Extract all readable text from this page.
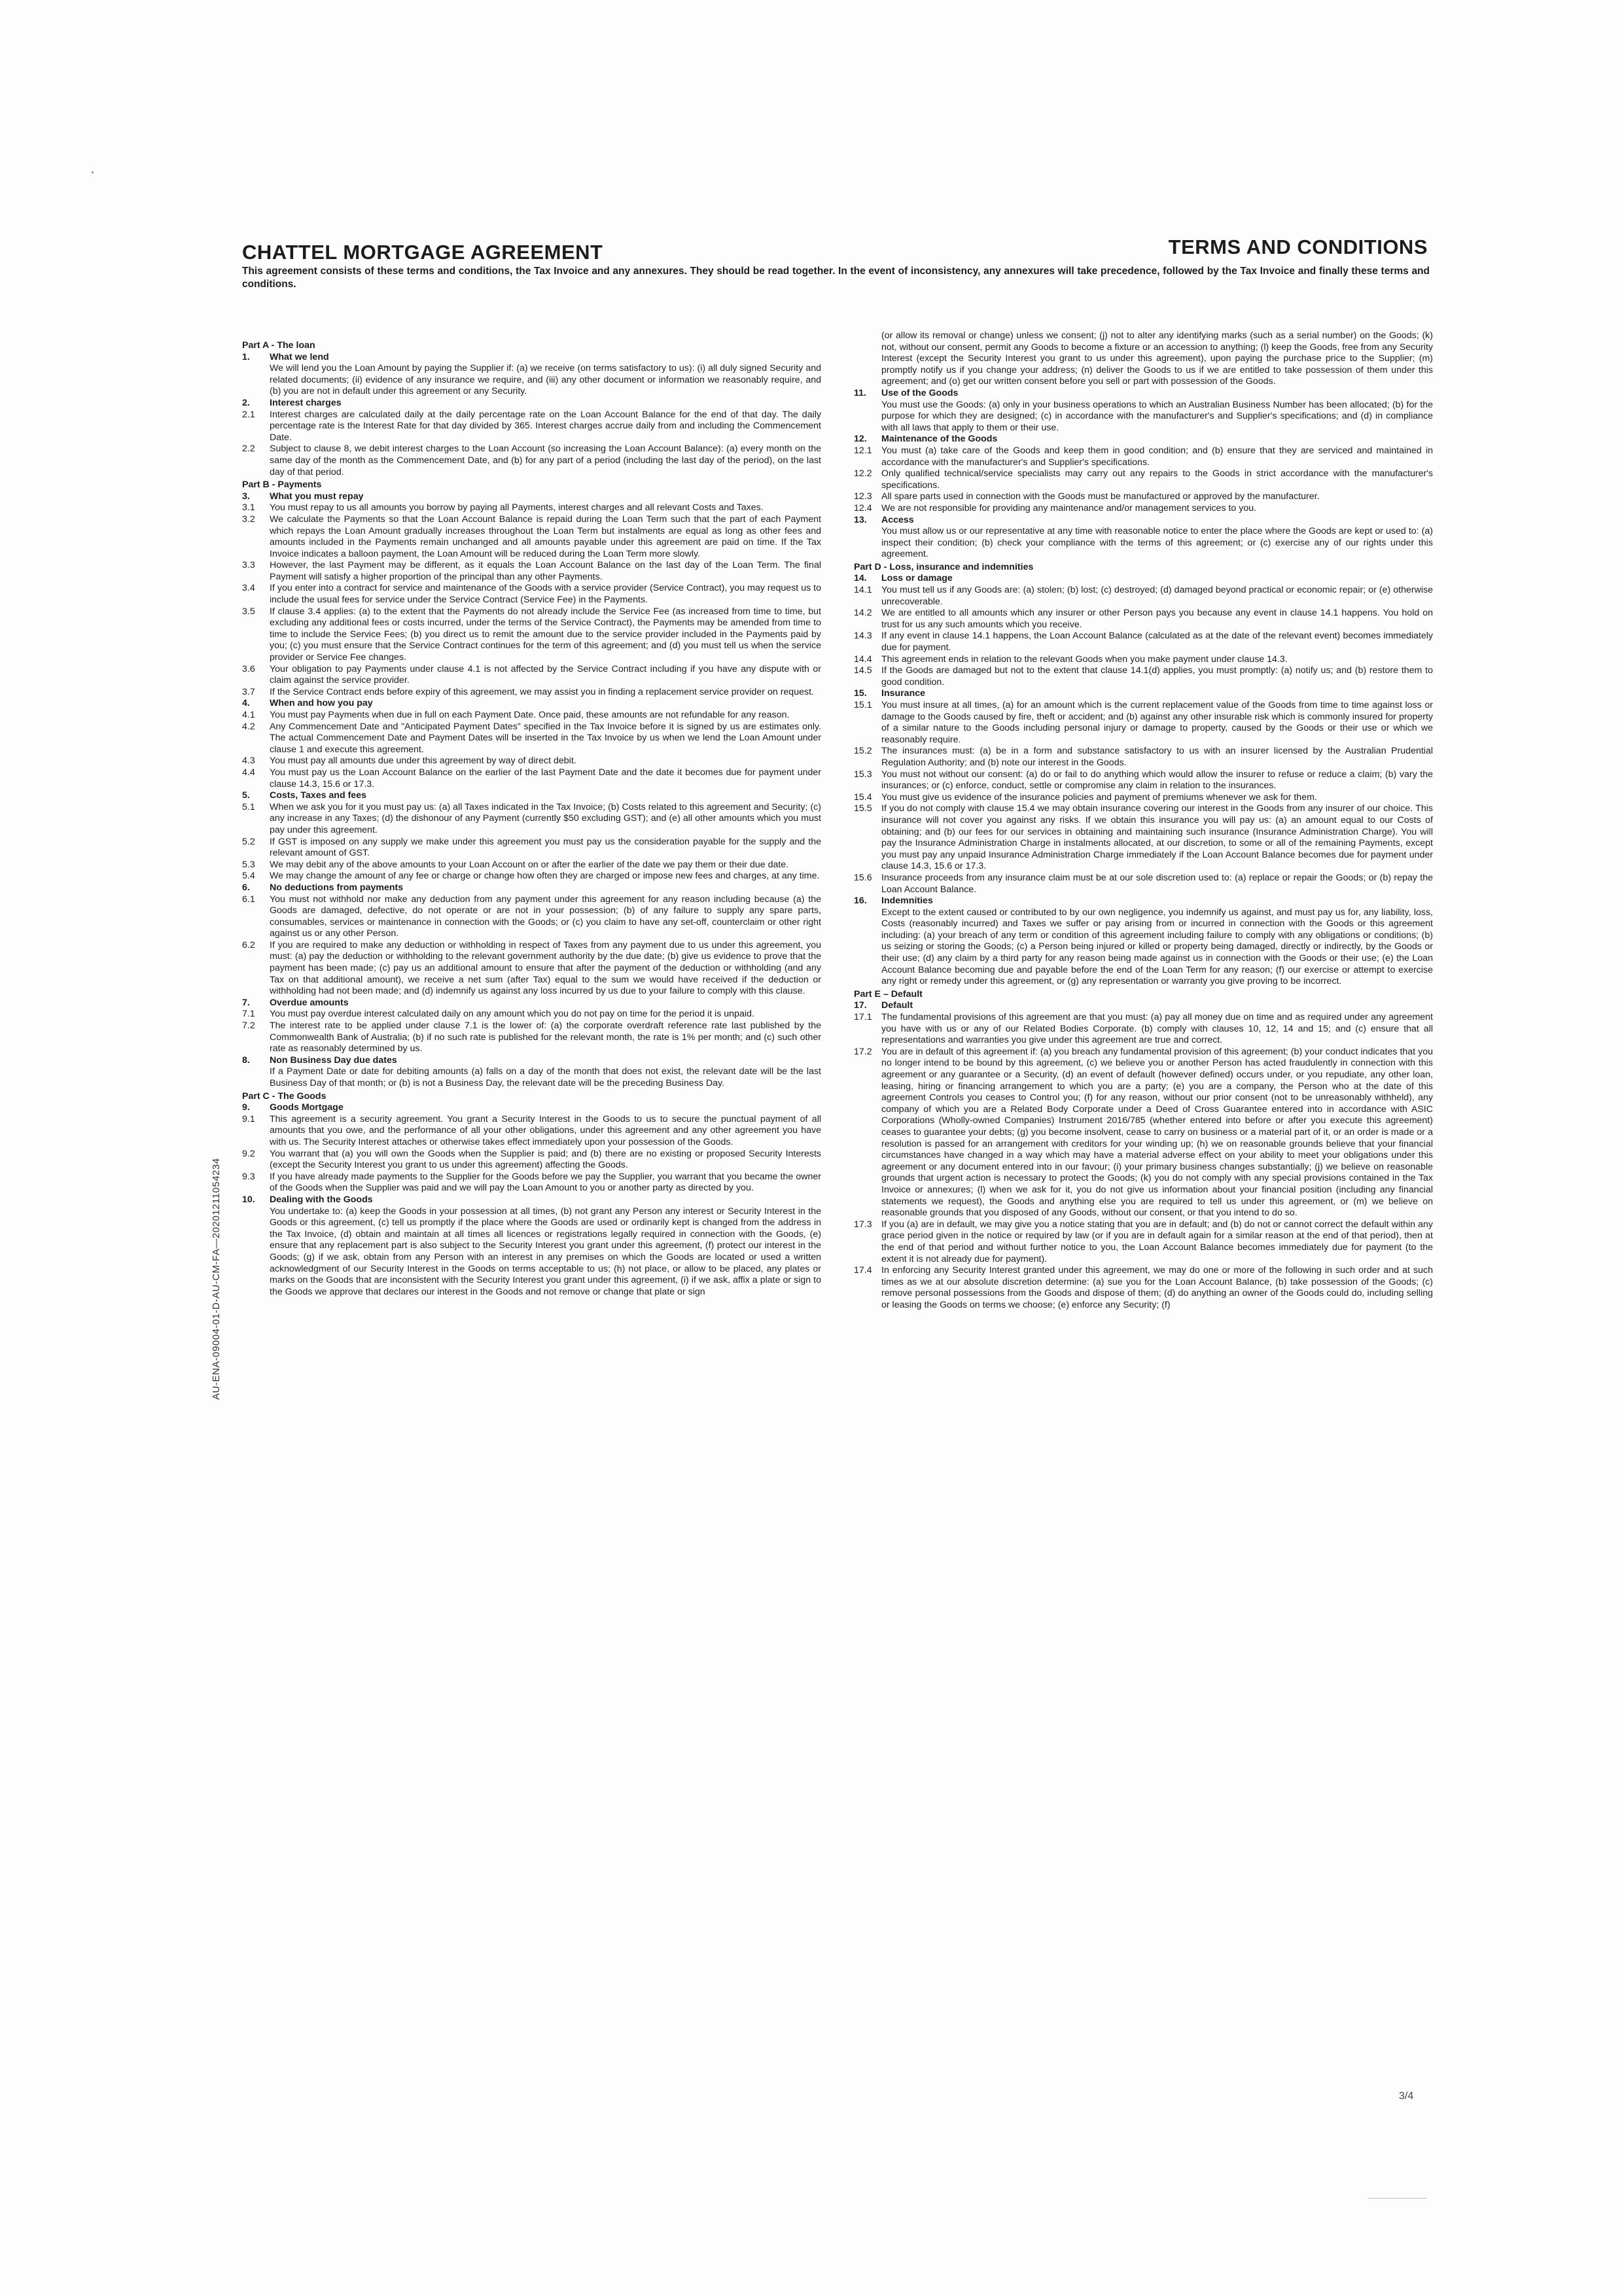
CHATTEL MORTGAGE AGREEMENT	TERMS AND CONDITIONS
This agreement consists of these terms and conditions, the Tax Invoice and any annexures. They should be read together. In the event of inconsistency, any annexures will take precedence, followed by the Tax Invoice and finally these terms and conditions.
Part A - The loan
1.	What we lend
We will lend you the Loan Amount by paying the Supplier if: (a) we receive (on terms satisfactory to us): (i) all duly signed Security and related documents; (ii) evidence of any insurance we require, and (iii) any other document or information we reasonably require, and (b) you are not in default under this agreement or any Security.
2.	Interest charges
2.1	Interest charges are calculated daily at the daily percentage rate on the Loan Account Balance for the end of that day. The daily percentage rate is the Interest Rate for that day divided by 365. Interest charges accrue daily from and including the Commencement Date.
2.2	Subject to clause 8, we debit interest charges to the Loan Account (so increasing the Loan Account Balance): (a) every month on the same day of the month as the Commencement Date, and (b) for any part of a period (including the last day of the period), on the last day of that period.
Part B - Payments
3.	What you must repay
3.1	You must repay to us all amounts you borrow by paying all Payments, interest charges and all relevant Costs and Taxes.
3.2	We calculate the Payments so that the Loan Account Balance is repaid during the Loan Term such that the part of each Payment which repays the Loan Amount gradually increases throughout the Loan Term but instalments are equal as long as other fees and amounts included in the Payments remain unchanged and all amounts payable under this agreement are paid on time. If the Tax Invoice indicates a balloon payment, the Loan Amount will be reduced during the Loan Term more slowly.
3.3	However, the last Payment may be different, as it equals the Loan Account Balance on the last day of the Loan Term. The final Payment will satisfy a higher proportion of the principal than any other Payments.
3.4	If you enter into a contract for service and maintenance of the Goods with a service provider (Service Contract), you may request us to include the usual fees for service under the Service Contract (Service Fee) in the Payments.
3.5	If clause 3.4 applies: (a) to the extent that the Payments do not already include the Service Fee (as increased from time to time, but excluding any additional fees or costs incurred, under the terms of the Service Contract), the Payments may be amended from time to time to include the Service Fees; (b) you direct us to remit the amount due to the service provider included in the Payments paid by you; (c) you must ensure that the Service Contract continues for the term of this agreement; and (d) you must tell us when the service provider or Service Fee changes.
3.6	Your obligation to pay Payments under clause 4.1 is not affected by the Service Contract including if you have any dispute with or claim against the service provider.
3.7	If the Service Contract ends before expiry of this agreement, we may assist you in finding a replacement service provider on request.
4.	When and how you pay
4.1	You must pay Payments when due in full on each Payment Date. Once paid, these amounts are not refundable for any reason.
4.2	Any Commencement Date and "Anticipated Payment Dates" specified in the Tax Invoice before it is signed by us are estimates only. The actual Commencement Date and Payment Dates will be inserted in the Tax Invoice by us when we lend the Loan Amount under clause 1 and execute this agreement.
4.3	You must pay all amounts due under this agreement by way of direct debit.
4.4	You must pay us the Loan Account Balance on the earlier of the last Payment Date and the date it becomes due for payment under clause 14.3, 15.6 or 17.3.
5.	Costs, Taxes and fees
5.1	When we ask you for it you must pay us: (a) all Taxes indicated in the Tax Invoice; (b) Costs related to this agreement and Security; (c) any increase in any Taxes; (d) the dishonour of any Payment (currently $50 excluding GST); and (e) all other amounts which you must pay under this agreement.
5.2	If GST is imposed on any supply we make under this agreement you must pay us the consideration payable for the supply and the relevant amount of GST.
5.3	We may debit any of the above amounts to your Loan Account on or after the earlier of the date we pay them or their due date.
5.4	We may change the amount of any fee or charge or change how often they are charged or impose new fees and charges, at any time.
6.	No deductions from payments
6.1	You must not withhold nor make any deduction from any payment under this agreement for any reason including because (a) the Goods are damaged, defective, do not operate or are not in your possession; (b) of any failure to supply any spare parts, consumables, services or maintenance in connection with the Goods; or (c) you claim to have any set-off, counterclaim or other right against us or any other Person.
6.2	If you are required to make any deduction or withholding in respect of Taxes from any payment due to us under this agreement, you must: (a) pay the deduction or withholding to the relevant government authority by the due date; (b) give us evidence to prove that the payment has been made; (c) pay us an additional amount to ensure that after the payment of the deduction or withholding (and any Tax on that additional amount), we receive a net sum (after Tax) equal to the sum we would have received if the deduction or withholding had not been made; and (d) indemnify us against any loss incurred by us due to your failure to comply with this clause.
7.	Overdue amounts
7.1	You must pay overdue interest calculated daily on any amount which you do not pay on time for the period it is unpaid.
7.2	The interest rate to be applied under clause 7.1 is the lower of: (a) the corporate overdraft reference rate last published by the Commonwealth Bank of Australia; (b) if no such rate is published for the relevant month, the rate is 1% per month; and (c) such other rate as reasonably determined by us.
8.	Non Business Day due dates
If a Payment Date or date for debiting amounts (a) falls on a day of the month that does not exist, the relevant date will be the last Business Day of that month; or (b) is not a Business Day, the relevant date will be the preceding Business Day.
Part C - The Goods
9.	Goods Mortgage
9.1	This agreement is a security agreement. You grant a Security Interest in the Goods to us to secure the punctual payment of all amounts that you owe, and the performance of all your other obligations, under this agreement and any other agreement you have with us. The Security Interest attaches or otherwise takes effect immediately upon your possession of the Goods.
9.2	You warrant that (a) you will own the Goods when the Supplier is paid; and (b) there are no existing or proposed Security Interests (except the Security Interest you grant to us under this agreement) affecting the Goods.
9.3	If you have already made payments to the Supplier for the Goods before we pay the Supplier, you warrant that you became the owner of the Goods when the Supplier was paid and we will pay the Loan Amount to you or another party as directed by you.
10.	Dealing with the Goods
You undertake to: (a) keep the Goods in your possession at all times, (b) not grant any Person any interest or Security Interest in the Goods or this agreement, (c) tell us promptly if the place where the Goods are used or ordinarily kept is changed from the address in the Tax Invoice, (d) obtain and maintain at all times all licences or registrations legally required in connection with the Goods, (e) ensure that any replacement part is also subject to the Security Interest you grant under this agreement, (f) protect our interest in the Goods; (g) if we ask, obtain from any Person with an interest in any premises on which the Goods are located or used a written acknowledgment of our Security Interest in the Goods on terms acceptable to us; (h) not place, or allow to be placed, any plates or marks on the Goods that are inconsistent with the Security Interest you grant under this agreement, (i) if we ask, affix a plate or sign to the Goods we approve that declares our interest in the Goods and not remove or change that plate or sign
(or allow its removal or change) unless we consent; (j) not to alter any identifying marks (such as a serial number) on the Goods; (k) not, without our consent, permit any Goods to become a fixture or an accession to anything; (l) keep the Goods, free from any Security Interest (except the Security Interest you grant to us under this agreement), upon paying the purchase price to the Supplier; (m) promptly notify us if you change your address; (n) deliver the Goods to us if we are entitled to take possession of them under this agreement; and (o) get our written consent before you sell or part with possession of the Goods.
11.	Use of the Goods
You must use the Goods: (a) only in your business operations to which an Australian Business Number has been allocated; (b) for the purpose for which they are designed; (c) in accordance with the manufacturer's and Supplier's specifications; and (d) in compliance with all laws that apply to them or their use.
12.	Maintenance of the Goods
12.1	You must (a) take care of the Goods and keep them in good condition; and (b) ensure that they are serviced and maintained in accordance with the manufacturer's and Supplier's specifications.
12.2	Only qualified technical/service specialists may carry out any repairs to the Goods in strict accordance with the manufacturer's specifications.
12.3	All spare parts used in connection with the Goods must be manufactured or approved by the manufacturer.
12.4	We are not responsible for providing any maintenance and/or management services to you.
13.	Access
You must allow us or our representative at any time with reasonable notice to enter the place where the Goods are kept or used to: (a) inspect their condition; (b) check your compliance with the terms of this agreement; or (c) exercise any of our rights under this agreement.
Part D - Loss, insurance and indemnities
14.	Loss or damage
14.1	You must tell us if any Goods are: (a) stolen; (b) lost; (c) destroyed; (d) damaged beyond practical or economic repair; or (e) otherwise unrecoverable.
14.2	We are entitled to all amounts which any insurer or other Person pays you because any event in clause 14.1 happens. You hold on trust for us any such amounts which you receive.
14.3	If any event in clause 14.1 happens, the Loan Account Balance (calculated as at the date of the relevant event) becomes immediately due for payment.
14.4	This agreement ends in relation to the relevant Goods when you make payment under clause 14.3.
14.5	If the Goods are damaged but not to the extent that clause 14.1(d) applies, you must promptly: (a) notify us; and (b) restore them to good condition.
15.	Insurance
15.1	You must insure at all times, (a) for an amount which is the current replacement value of the Goods from time to time against loss or damage to the Goods caused by fire, theft or accident; and (b) against any other insurable risk which is commonly insured for property of a similar nature to the Goods including personal injury or damage to property, caused by the Goods or their use or which we reasonably require.
15.2	The insurances must: (a) be in a form and substance satisfactory to us with an insurer licensed by the Australian Prudential Regulation Authority; and (b) note our interest in the Goods.
15.3	You must not without our consent: (a) do or fail to do anything which would allow the insurer to refuse or reduce a claim; (b) vary the insurances; or (c) enforce, conduct, settle or compromise any claim in relation to the insurances.
15.4	You must give us evidence of the insurance policies and payment of premiums whenever we ask for them.
15.5	If you do not comply with clause 15.4 we may obtain insurance covering our interest in the Goods from any insurer of our choice. This insurance will not cover you against any risks. If we obtain this insurance you will pay us: (a) an amount equal to our Costs of obtaining; and (b) our fees for our services in obtaining and maintaining such insurance (Insurance Administration Charge). You will pay the Insurance Administration Charge in instalments allocated, at our discretion, to some or all of the remaining Payments, except you must pay any unpaid Insurance Administration Charge immediately if the Loan Account Balance becomes due for payment under clause 14.3, 15.6 or 17.3.
15.6	Insurance proceeds from any insurance claim must be at our sole discretion used to: (a) replace or repair the Goods; or (b) repay the Loan Account Balance.
16.	Indemnities
Except to the extent caused or contributed to by our own negligence, you indemnify us against, and must pay us for, any liability, loss, Costs (reasonably incurred) and Taxes we suffer or pay arising from or incurred in connection with the Goods or this agreement including: (a) your breach of any term or condition of this agreement including failure to comply with any obligations or conditions; (b) us seizing or storing the Goods; (c) a Person being injured or killed or property being damaged, directly or indirectly, by the Goods or their use; (d) any claim by a third party for any reason being made against us in connection with the Goods or their use; (e) the Loan Account Balance becoming due and payable before the end of the Loan Term for any reason; (f) our exercise or attempt to exercise any right or remedy under this agreement, or (g) any representation or warranty you give proving to be incorrect.
Part E – Default
17.	Default
17.1	The fundamental provisions of this agreement are that you must: (a) pay all money due on time and as required under any agreement you have with us or any of our Related Bodies Corporate. (b) comply with clauses 10, 12, 14 and 15; and (c) ensure that all representations and warranties you give under this agreement are true and correct.
17.2	You are in default of this agreement if: (a) you breach any fundamental provision of this agreement; (b) your conduct indicates that you no longer intend to be bound by this agreement, (c) we believe you or another Person has acted fraudulently in connection with this agreement or any guarantee or a Security, (d) an event of default (however defined) occurs under, or you repudiate, any other loan, leasing, hiring or financing arrangement to which you are a party; (e) you are a company, the Person who at the date of this agreement Controls you ceases to Control you; (f) for any reason, without our prior consent (not to be unreasonably withheld), any company of which you are a Related Body Corporate under a Deed of Cross Guarantee entered into in accordance with ASIC Corporations (Wholly-owned Companies) Instrument 2016/785 (whether entered into before or after you execute this agreement) ceases to guarantee your debts; (g) you become insolvent, cease to carry on business or a material part of it, or an order is made or a resolution is passed for an arrangement with creditors for your winding up; (h) we on reasonable grounds believe that your financial circumstances have changed in a way which may have a material adverse effect on your ability to meet your obligations under this agreement or any document entered into in our favour; (i) your primary business changes substantially; (j) we believe on reasonable grounds that urgent action is necessary to protect the Goods; (k) you do not comply with any special provisions contained in the Tax Invoice or annexures; (l) when we ask for it, you do not give us information about your financial position (including any financial statements we request), the Goods and anything else you are required to tell us under this agreement, or (m) we believe on reasonable grounds that you disposed of any Goods, without our consent, or that you intend to do so.
17.3	If you (a) are in default, we may give you a notice stating that you are in default; and (b) do not or cannot correct the default within any grace period given in the notice or required by law (or if you are in default again for a similar reason at the end of that period), then at the end of that period and without further notice to you, the Loan Account Balance becomes immediately due for payment (to the extent it is not already due for payment).
17.4	In enforcing any Security Interest granted under this agreement, we may do one or more of the following in such order and at such times as we at our absolute discretion determine: (a) sue you for the Loan Account Balance, (b) take possession of the Goods; (c) remove personal possessions from the Goods and dispose of them; (d) do anything an owner of the Goods could do, including selling or leasing the Goods on terms we choose; (e) enforce any Security; (f)
AU-ENA-09004-01-D-AU-CM-FA—20201211054234
3/4
